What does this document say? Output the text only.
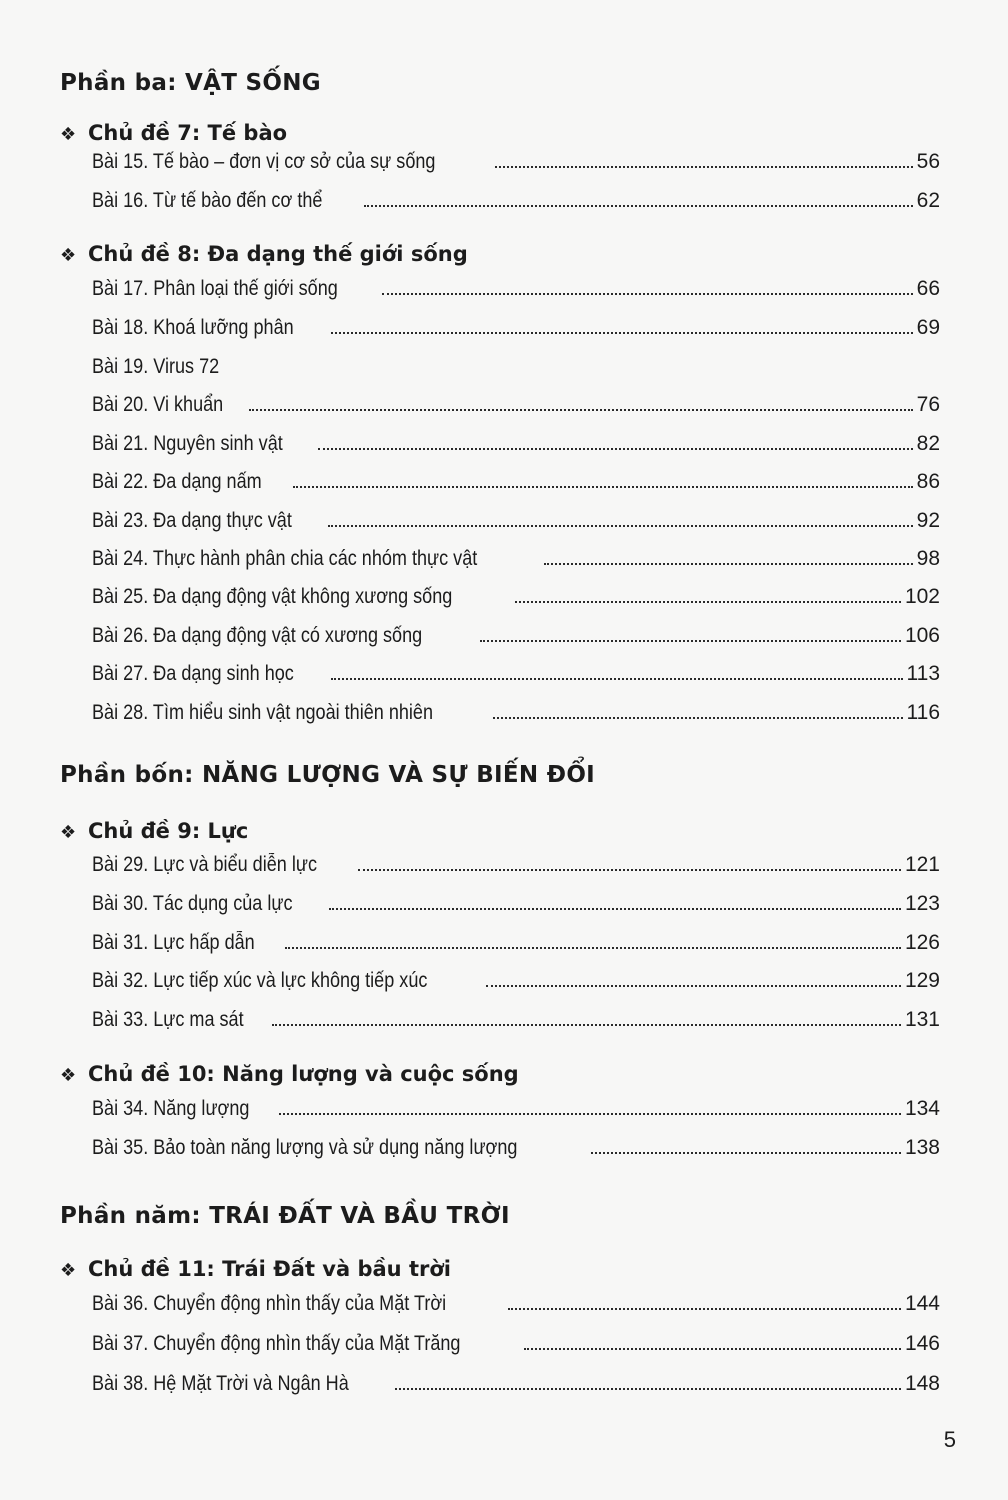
Phần ba: VẬT SỐNG
❖ Chủ đề 7: Tế bào
Bài 15. Tế bào – đơn vị cơ sở của sự sống	56
Bài 16. Từ tế bào đến cơ thể	62
❖ Chủ đề 8: Đa dạng thế giới sống
Bài 17. Phân loại thế giới sống	66
Bài 18. Khoá lưỡng phân	69
Bài 19. Virus 72
Bài 20. Vi khuẩn	76
Bài 21. Nguyên sinh vật	82
Bài 22. Đa dạng nấm	86
Bài 23. Đa dạng thực vật	92
Bài 24. Thực hành phân chia các nhóm thực vật	98
Bài 25. Đa dạng động vật không xương sống	102
Bài 26. Đa dạng động vật có xương sống	106
Bài 27. Đa dạng sinh học	113
Bài 28. Tìm hiểu sinh vật ngoài thiên nhiên	116
Phần bốn: NĂNG LƯỢNG VÀ SỰ BIẾN ĐỔI
❖ Chủ đề 9: Lực
Bài 29. Lực và biểu diễn lực	121
Bài 30. Tác dụng của lực	123
Bài 31. Lực hấp dẫn	126
Bài 32. Lực tiếp xúc và lực không tiếp xúc	129
Bài 33. Lực ma sát	131
❖ Chủ đề 10: Năng lượng và cuộc sống
Bài 34. Năng lượng	134
Bài 35. Bảo toàn năng lượng và sử dụng năng lượng	138
Phần năm: TRÁI ĐẤT VÀ BẦU TRỜI
❖ Chủ đề 11: Trái Đất và bầu trời
Bài 36. Chuyển động nhìn thấy của Mặt Trời	144
Bài 37. Chuyển động nhìn thấy của Mặt Trăng	146
Bài 38. Hệ Mặt Trời và Ngân Hà	148
5
